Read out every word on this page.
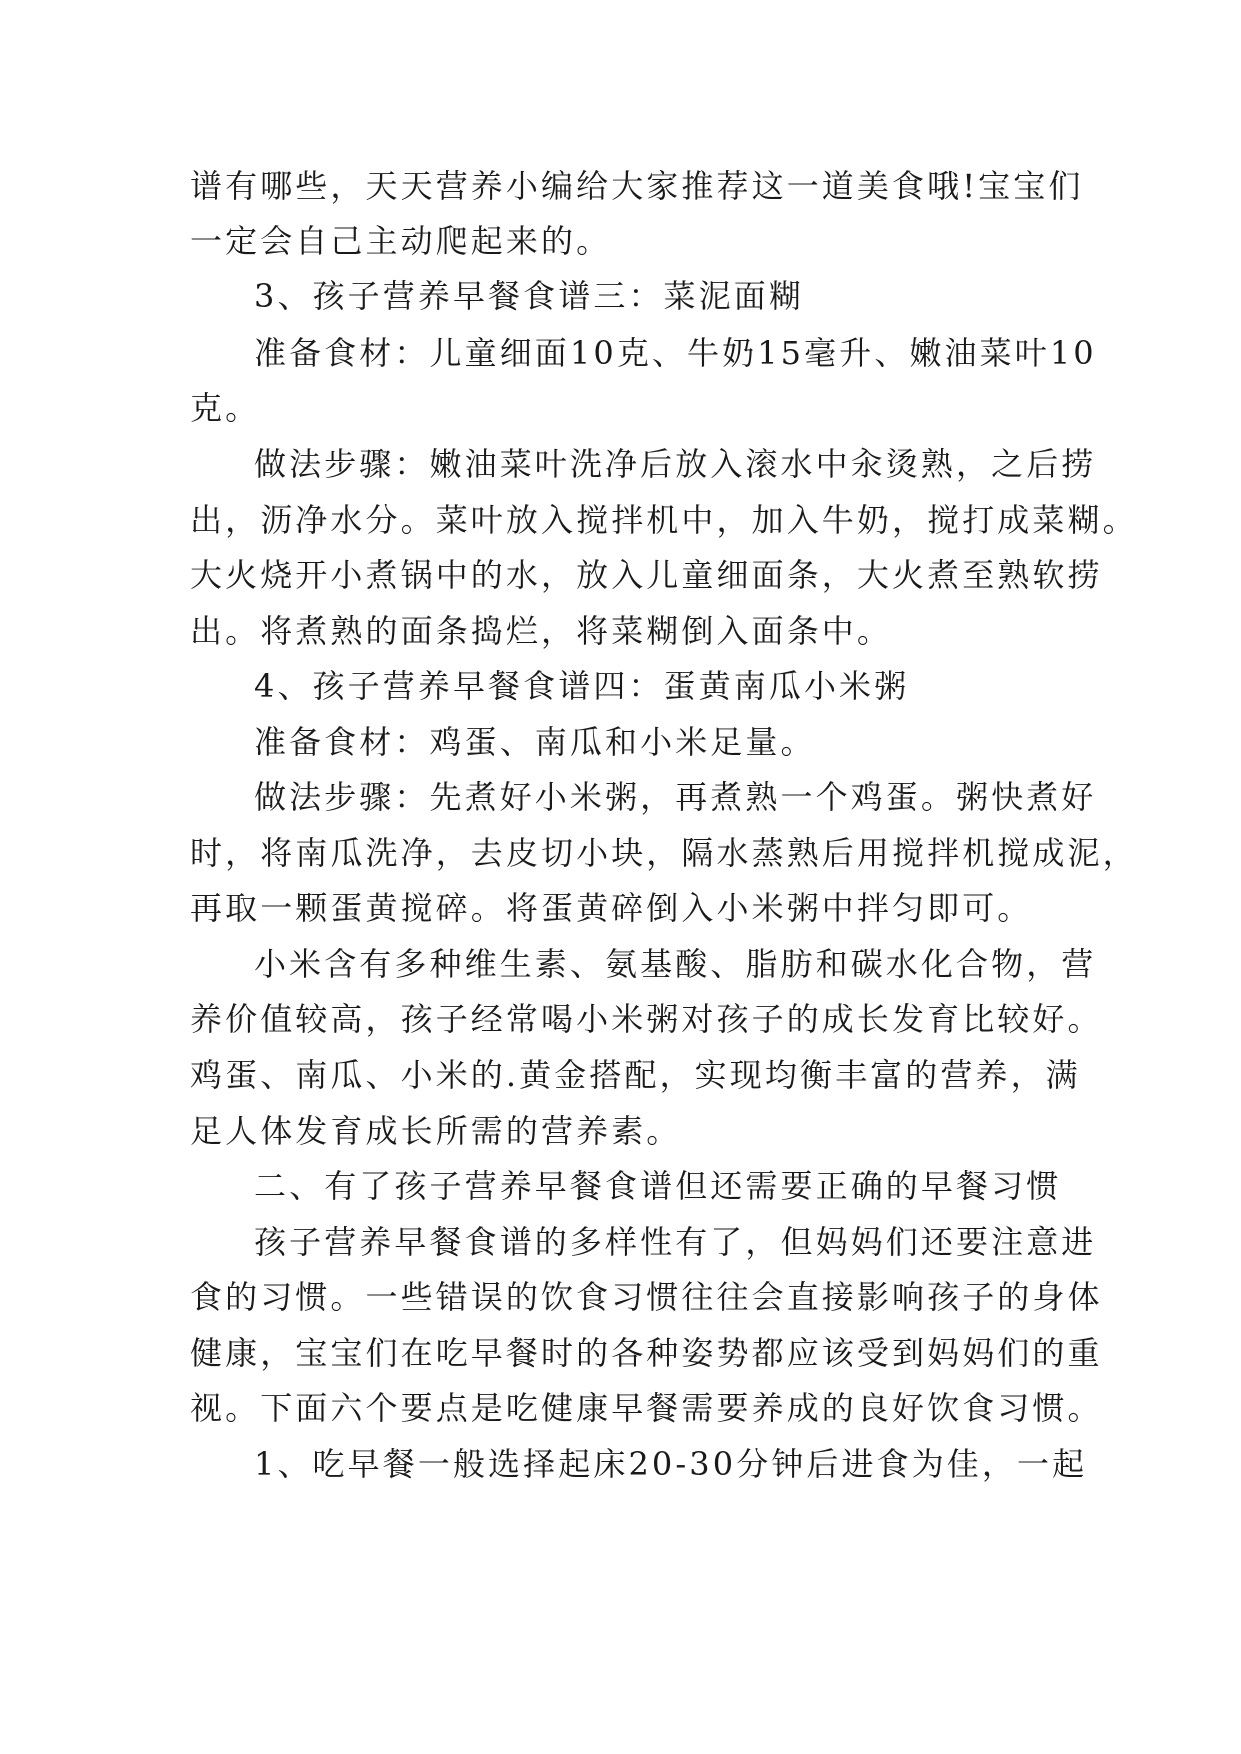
谱有哪些，天天营养小编给大家推荐这一道美食哦!宝宝们

一定会自己主动爬起来的。

3、孩子营养早餐食谱三：菜泥面糊

准备食材：儿童细面10克、牛奶15毫升、嫩油菜叶10

克。

做法步骤：嫩油菜叶洗净后放入滚水中汆烫熟，之后捞

出，沥净水分。菜叶放入搅拌机中，加入牛奶，搅打成菜糊。

大火烧开小煮锅中的水，放入儿童细面条，大火煮至熟软捞

出。将煮熟的面条捣烂，将菜糊倒入面条中。

4、孩子营养早餐食谱四：蛋黄南瓜小米粥

准备食材：鸡蛋、南瓜和小米足量。

做法步骤：先煮好小米粥，再煮熟一个鸡蛋。粥快煮好

时，将南瓜洗净，去皮切小块，隔水蒸熟后用搅拌机搅成泥，

再取一颗蛋黄搅碎。将蛋黄碎倒入小米粥中拌匀即可。

小米含有多种维生素、氨基酸、脂肪和碳水化合物，营

养价值较高，孩子经常喝小米粥对孩子的成长发育比较好。

鸡蛋、南瓜、小米的.黄金搭配，实现均衡丰富的营养，满

足人体发育成长所需的营养素。

二、有了孩子营养早餐食谱但还需要正确的早餐习惯

孩子营养早餐食谱的多样性有了，但妈妈们还要注意进

食的习惯。一些错误的饮食习惯往往会直接影响孩子的身体

健康，宝宝们在吃早餐时的各种姿势都应该受到妈妈们的重

视。下面六个要点是吃健康早餐需要养成的良好饮食习惯。

1、吃早餐一般选择起床20-30分钟后进食为佳，一起
